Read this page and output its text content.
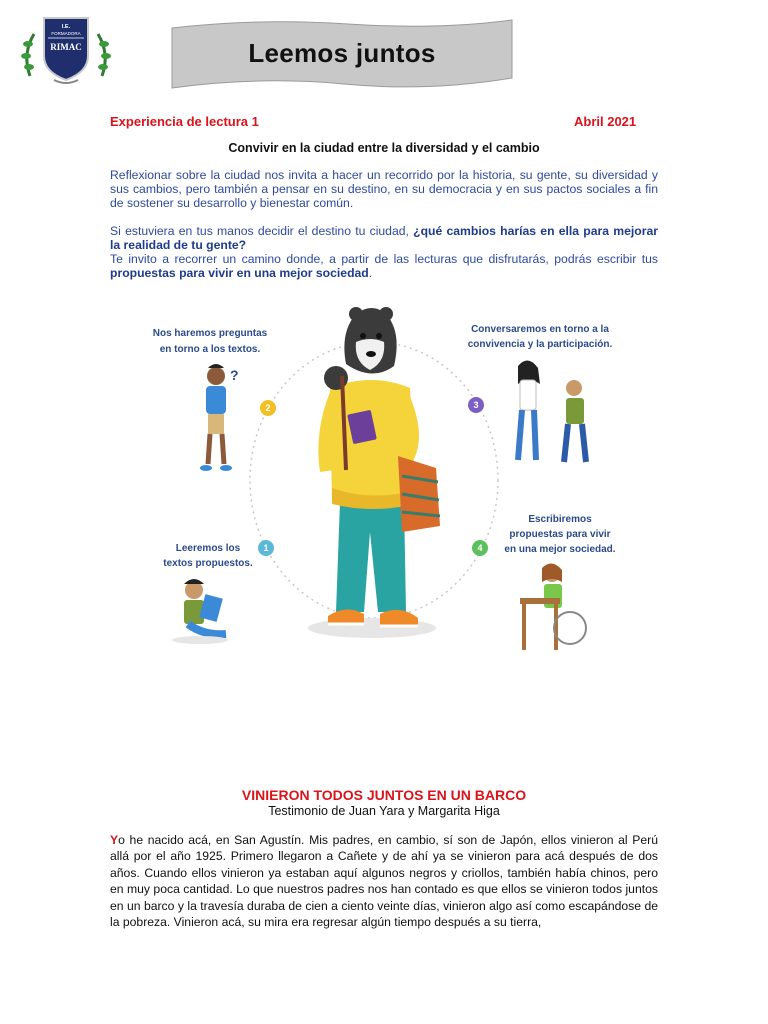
I.E.
FORMADORA
RIMAC	Leemos juntos
Experiencia de lectura 1	Abril 2021
Convivir en la ciudad entre la diversidad y el cambio
Reflexionar sobre la ciudad nos invita a hacer un recorrido por la historia, su gente, su diversidad y sus cambios, pero también a pensar en su destino, en su democracia y en sus pactos sociales a fin de sostener su desarrollo y bienestar común.
Si estuviera en tus manos decidir el destino tu ciudad, ¿qué cambios harías en ella para mejorar la realidad de tu gente?
Te invito a recorrer un camino donde, a partir de las lecturas que disfrutarás, podrás escribir tus propuestas para vivir en una mejor sociedad.
?
1
2	3
4
Nos haremos preguntas
en torno a los textos.
Conversaremos en torno a la
convivencia y la participación.
Leeremos los
textos propuestos.
Escribiremos
propuestas para vivir
en una mejor sociedad.
VINIERON TODOS JUNTOS EN UN BARCO
Testimonio de Juan Yara y Margarita Higa
Yo he nacido acá, en San Agustín. Mis padres, en cambio, sí son de Japón, ellos vinieron al Perú allá por el año 1925. Primero llegaron a Cañete y de ahí ya se vinieron para acá después de dos años. Cuando ellos vinieron ya estaban aquí algunos negros y criollos, también había chinos, pero en muy poca cantidad. Lo que nuestros padres nos han contado es que ellos se vinieron todos juntos en un barco y la travesía duraba de cien a ciento veinte días, vinieron algo así como escapándose de la pobreza. Vinieron acá, su mira era regresar algún tiempo después a su tierra,
